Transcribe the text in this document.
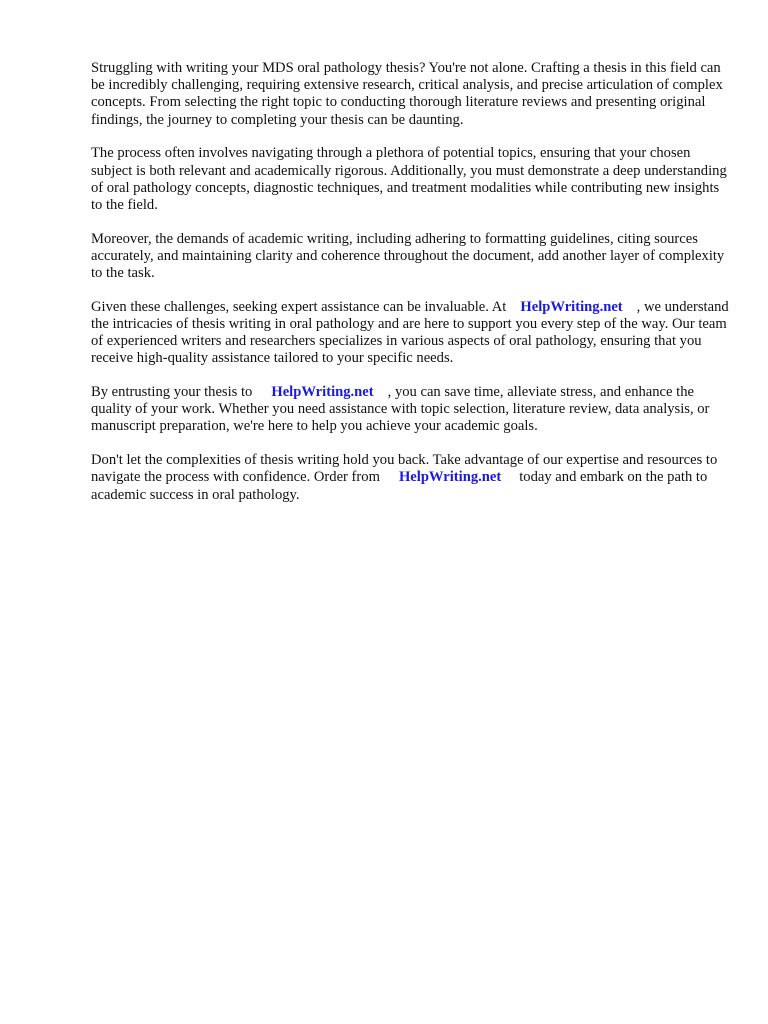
Struggling with writing your MDS oral pathology thesis? You're not alone. Crafting a thesis in this field can be incredibly challenging, requiring extensive research, critical analysis, and precise articulation of complex concepts. From selecting the right topic to conducting thorough literature reviews and presenting original findings, the journey to completing your thesis can be daunting.

The process often involves navigating through a plethora of potential topics, ensuring that your chosen subject is both relevant and academically rigorous. Additionally, you must demonstrate a deep understanding of oral pathology concepts, diagnostic techniques, and treatment modalities while contributing new insights to the field.

Moreover, the demands of academic writing, including adhering to formatting guidelines, citing sources accurately, and maintaining clarity and coherence throughout the document, add another layer of complexity to the task.

Given these challenges, seeking expert assistance can be invaluable. At HelpWriting.net , we understand the intricacies of thesis writing in oral pathology and are here to support you every step of the way. Our team of experienced writers and researchers specializes in various aspects of oral pathology, ensuring that you receive high-quality assistance tailored to your specific needs.

By entrusting your thesis to HelpWriting.net , you can save time, alleviate stress, and enhance the quality of your work. Whether you need assistance with topic selection, literature review, data analysis, or manuscript preparation, we're here to help you achieve your academic goals.

Don't let the complexities of thesis writing hold you back. Take advantage of our expertise and resources to navigate the process with confidence. Order from HelpWriting.net today and embark on the path to academic success in oral pathology.
